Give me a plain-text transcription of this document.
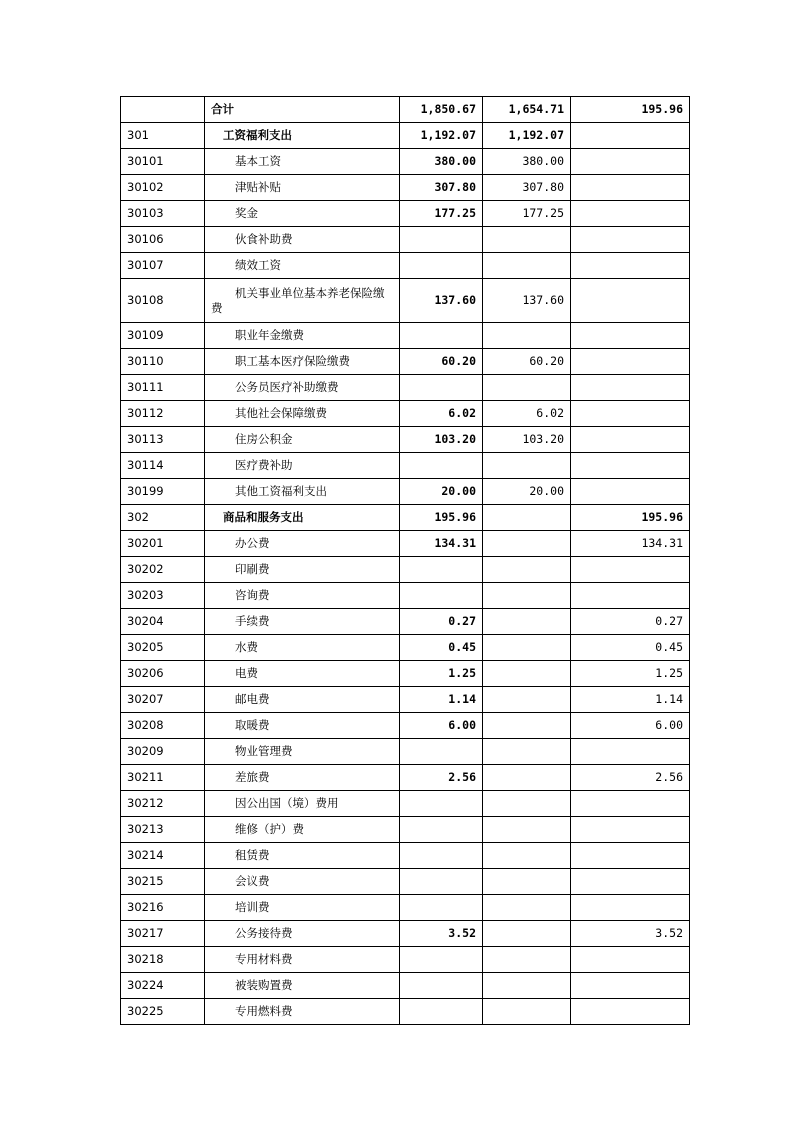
	合计	1,850.67	1,654.71	195.96
301	工资福利支出	1,192.07	1,192.07	
30101	基本工资	380.00	380.00	
30102	津贴补贴	307.80	307.80	
30103	奖金	177.25	177.25	
30106	伙食补助费			
30107	绩效工资			
30108	机关事业单位基本养老保险缴费	137.60	137.60	
30109	职业年金缴费			
30110	职工基本医疗保险缴费	60.20	60.20	
30111	公务员医疗补助缴费			
30112	其他社会保障缴费	6.02	6.02	
30113	住房公积金	103.20	103.20	
30114	医疗费补助			
30199	其他工资福利支出	20.00	20.00	
302	商品和服务支出	195.96		195.96
30201	办公费	134.31		134.31
30202	印刷费			
30203	咨询费			
30204	手续费	0.27		0.27
30205	水费	0.45		0.45
30206	电费	1.25		1.25
30207	邮电费	1.14		1.14
30208	取暖费	6.00		6.00
30209	物业管理费			
30211	差旅费	2.56		2.56
30212	因公出国（境）费用			
30213	维修（护）费			
30214	租赁费			
30215	会议费			
30216	培训费			
30217	公务接待费	3.52		3.52
30218	专用材料费			
30224	被装购置费			
30225	专用燃料费			
